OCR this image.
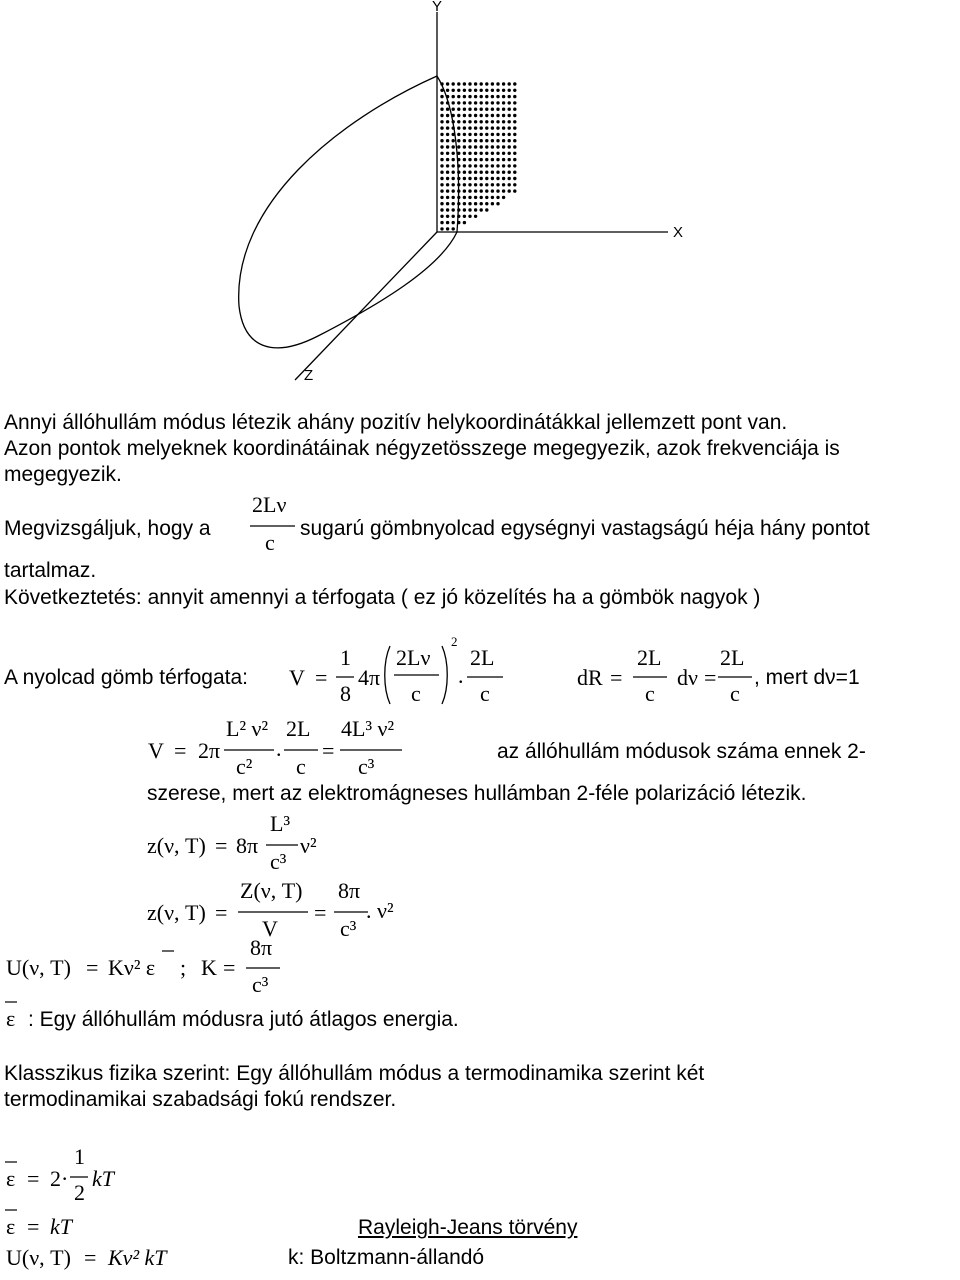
Y
X
Z
Annyi állóhullám módus létezik ahány pozitív helykoordinátákkal jellemzett pont van.
Azon pontok melyeknek koordinátáinak négyzetösszege megegyezik, azok frekvenciája is
megegyezik.
Megvizsgáljuk, hogy a
2Lν
c
sugarú gömbnyolcad egységnyi vastagságú héja hány pontot
tartalmaz.
Következtetés: annyit amennyi a térfogata ( ez jó közelítés ha a gömbök nagyok )
A nyolcad gömb térfogata: V =
1
8
4π
2Lν
c
2
.
2L
c
dR =
2L
c
dν =
2L
c
, mert dν=1
V = 2π
L² ν²
c²
.
2L
c
=
4L³ ν²
c³
az állóhullám módusok száma ennek 2-
szerese, mert az elektromágneses hullámban 2-féle polarizáció létezik.
z(ν, T) = 8π
L³
c³
ν²
z(ν, T) =
Z(ν, T)
V
=
8π
c³
. ν²
U(ν, T) = Kν² ε ; K =
8π
c³
ε : Egy állóhullám módusra jutó átlagos energia.
Klasszikus fizika szerint: Egy állóhullám módus a termodinamika szerint két
termodinamikai szabadsági fokú rendszer.
ε = 2·
1
2
kT
ε = kT
U(ν, T) = Kν² kT
Rayleigh-Jeans törvény
k: Boltzmann-állandó
